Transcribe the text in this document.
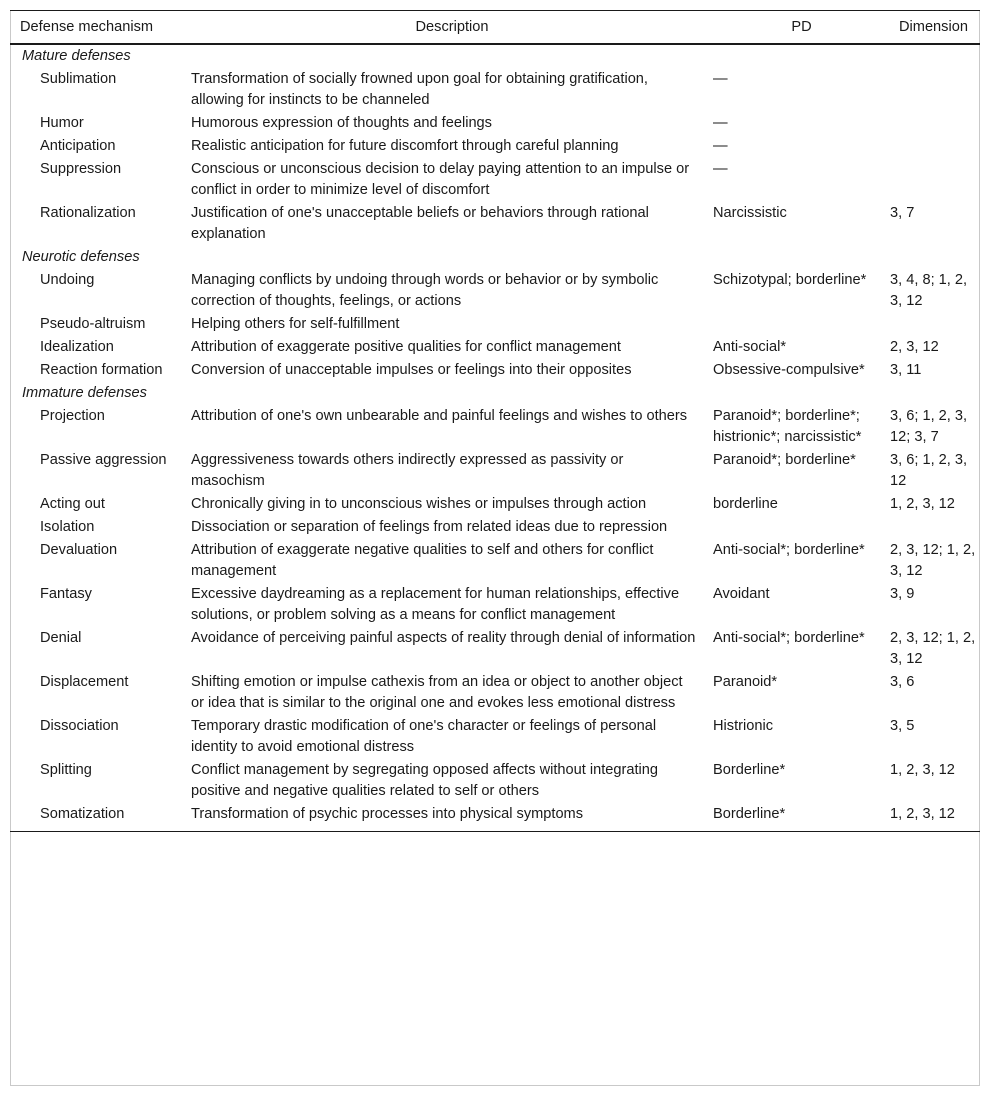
Defense mechanism	Description	PD	Dimension
Mature defenses			
Sublimation	Transformation of socially frowned upon goal for obtaining gratification, allowing for instincts to be channeled	—	
Humor	Humorous expression of thoughts and feelings	—	
Anticipation	Realistic anticipation for future discomfort through careful planning	—	
Suppression	Conscious or unconscious decision to delay paying attention to an impulse or conflict in order to minimize level of discomfort	—	
Rationalization	Justification of one's unacceptable beliefs or behaviors through rational explanation	Narcissistic	3, 7
Neurotic defenses			
Undoing	Managing conflicts by undoing through words or behavior or by symbolic correction of thoughts, feelings, or actions	Schizotypal; borderline*	3, 4, 8; 1, 2, 3, 12
Pseudo-altruism	Helping others for self-fulfillment		
Idealization	Attribution of exaggerate positive qualities for conflict management	Anti-social*	2, 3, 12
Reaction formation	Conversion of unacceptable impulses or feelings into their opposites	Obsessive-compulsive*	3, 11
Immature defenses			
Projection	Attribution of one's own unbearable and painful feelings and wishes to others	Paranoid*; borderline*; histrionic*; narcissistic*	3, 6; 1, 2, 3, 12; 3, 7
Passive aggression	Aggressiveness towards others indirectly expressed as passivity or masochism	Paranoid*; borderline*	3, 6; 1, 2, 3, 12
Acting out	Chronically giving in to unconscious wishes or impulses through action	borderline	1, 2, 3, 12
Isolation	Dissociation or separation of feelings from related ideas due to repression		
Devaluation	Attribution of exaggerate negative qualities to self and others for conflict management	Anti-social*; borderline*	2, 3, 12; 1, 2, 3, 12
Fantasy	Excessive daydreaming as a replacement for human relationships, effective solutions, or problem solving as a means for conflict management	Avoidant	3, 9
Denial	Avoidance of perceiving painful aspects of reality through denial of information	Anti-social*; borderline*	2, 3, 12; 1, 2, 3, 12
Displacement	Shifting emotion or impulse cathexis from an idea or object to another object or idea that is similar to the original one and evokes less emotional distress	Paranoid*	3, 6
Dissociation	Temporary drastic modification of one's character or feelings of personal identity to avoid emotional distress	Histrionic	3, 5
Splitting	Conflict management by segregating opposed affects without integrating positive and negative qualities related to self or others	Borderline*	1, 2, 3, 12
Somatization	Transformation of psychic processes into physical symptoms	Borderline*	1, 2, 3, 12
